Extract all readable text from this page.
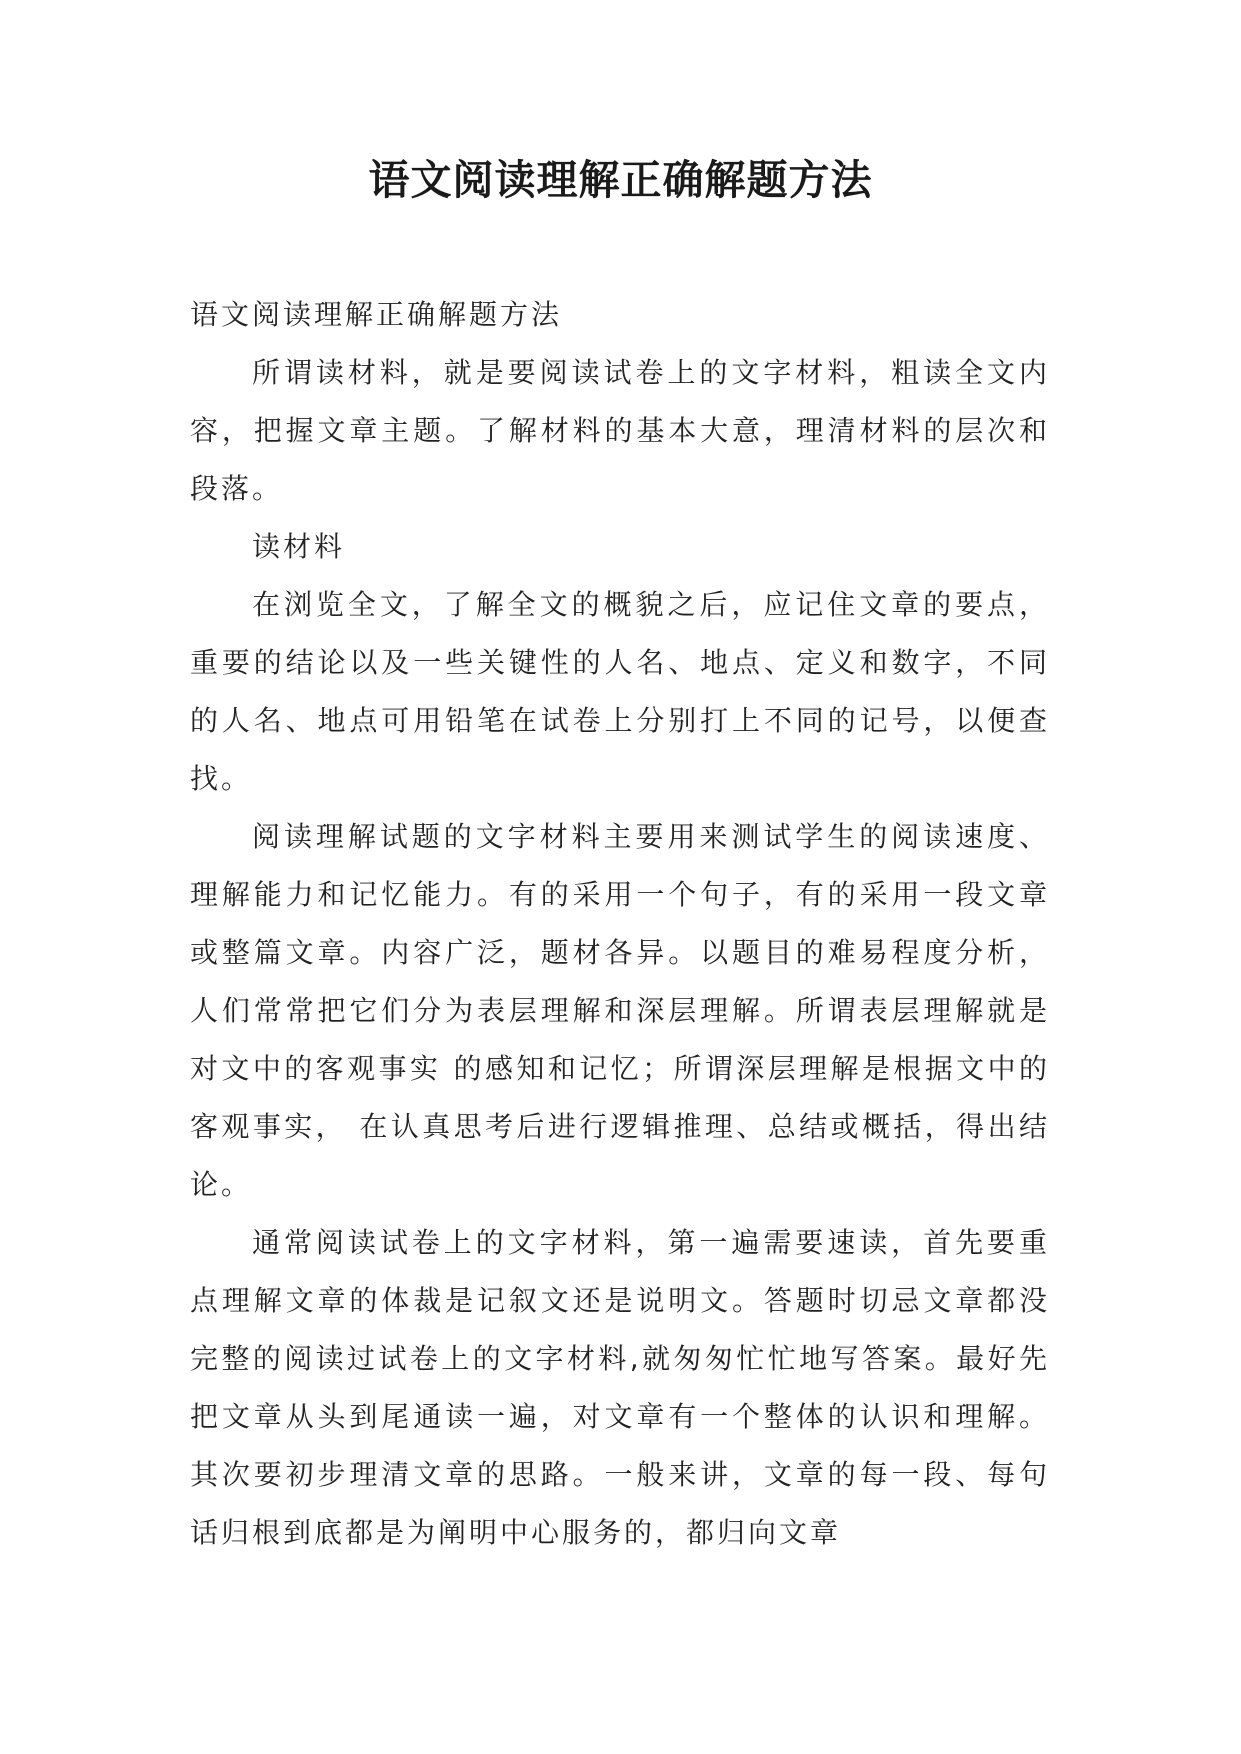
语文阅读理解正确解题方法

语文阅读理解正确解题方法

所谓读材料，就是要阅读试卷上的文字材料，粗读全文内容，把握文章主题。了解材料的基本大意，理清材料的层次和段落。

读材料

在浏览全文，了解全文的概貌之后，应记住文章的要点，重要的结论以及一些关键性的人名、地点、定义和数字，不同的人名、地点可用铅笔在试卷上分别打上不同的记号，以便查找。

阅读理解试题的文字材料主要用来测试学生的阅读速度、理解能力和记忆能力。有的采用一个句子，有的采用一段文章或整篇文章。内容广泛，题材各异。以题目的难易程度分析，人们常常把它们分为表层理解和深层理解。所谓表层理解就是对文中的客观事实 的感知和记忆；所谓深层理解是根据文中的客观事实， 在认真思考后进行逻辑推理、总结或概括，得出结论。

通常阅读试卷上的文字材料，第一遍需要速读，首先要重点理解文章的体裁是记叙文还是说明文。答题时切忌文章都没完整的阅读过试卷上的文字材料,就匆匆忙忙地写答案。最好先把文章从头到尾通读一遍，对文章有一个整体的认识和理解。其次要初步理清文章的思路。一般来讲，文章的每一段、每句话归根到底都是为阐明中心服务的，都归向文章
